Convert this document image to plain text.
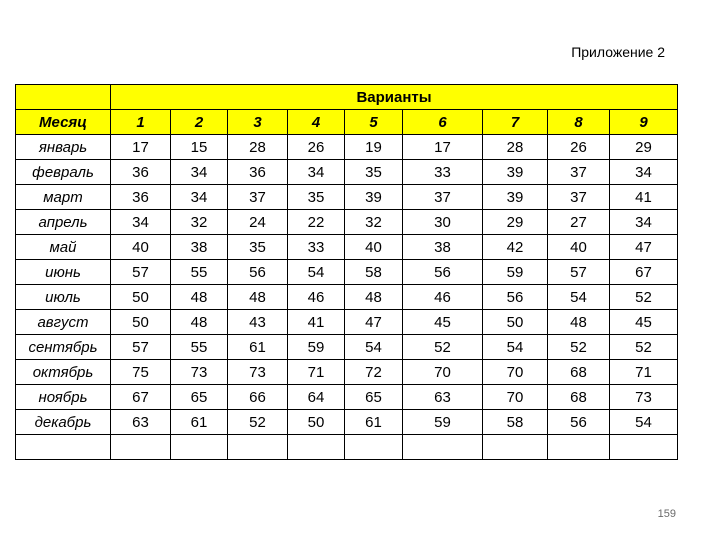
Приложение 2
	Варианты								
Месяц	1	2	3	4	5	6	7	8	9
январь	17	15	28	26	19	17	28	26	29
февраль	36	34	36	34	35	33	39	37	34
март	36	34	37	35	39	37	39	37	41
апрель	34	32	24	22	32	30	29	27	34
май	40	38	35	33	40	38	42	40	47
июнь	57	55	56	54	58	56	59	57	67
июль	50	48	48	46	48	46	56	54	52
август	50	48	43	41	47	45	50	48	45
сентябрь	57	55	61	59	54	52	54	52	52
октябрь	75	73	73	71	72	70	70	68	71
ноябрь	67	65	66	64	65	63	70	68	73
декабрь	63	61	52	50	61	59	58	56	54

159
